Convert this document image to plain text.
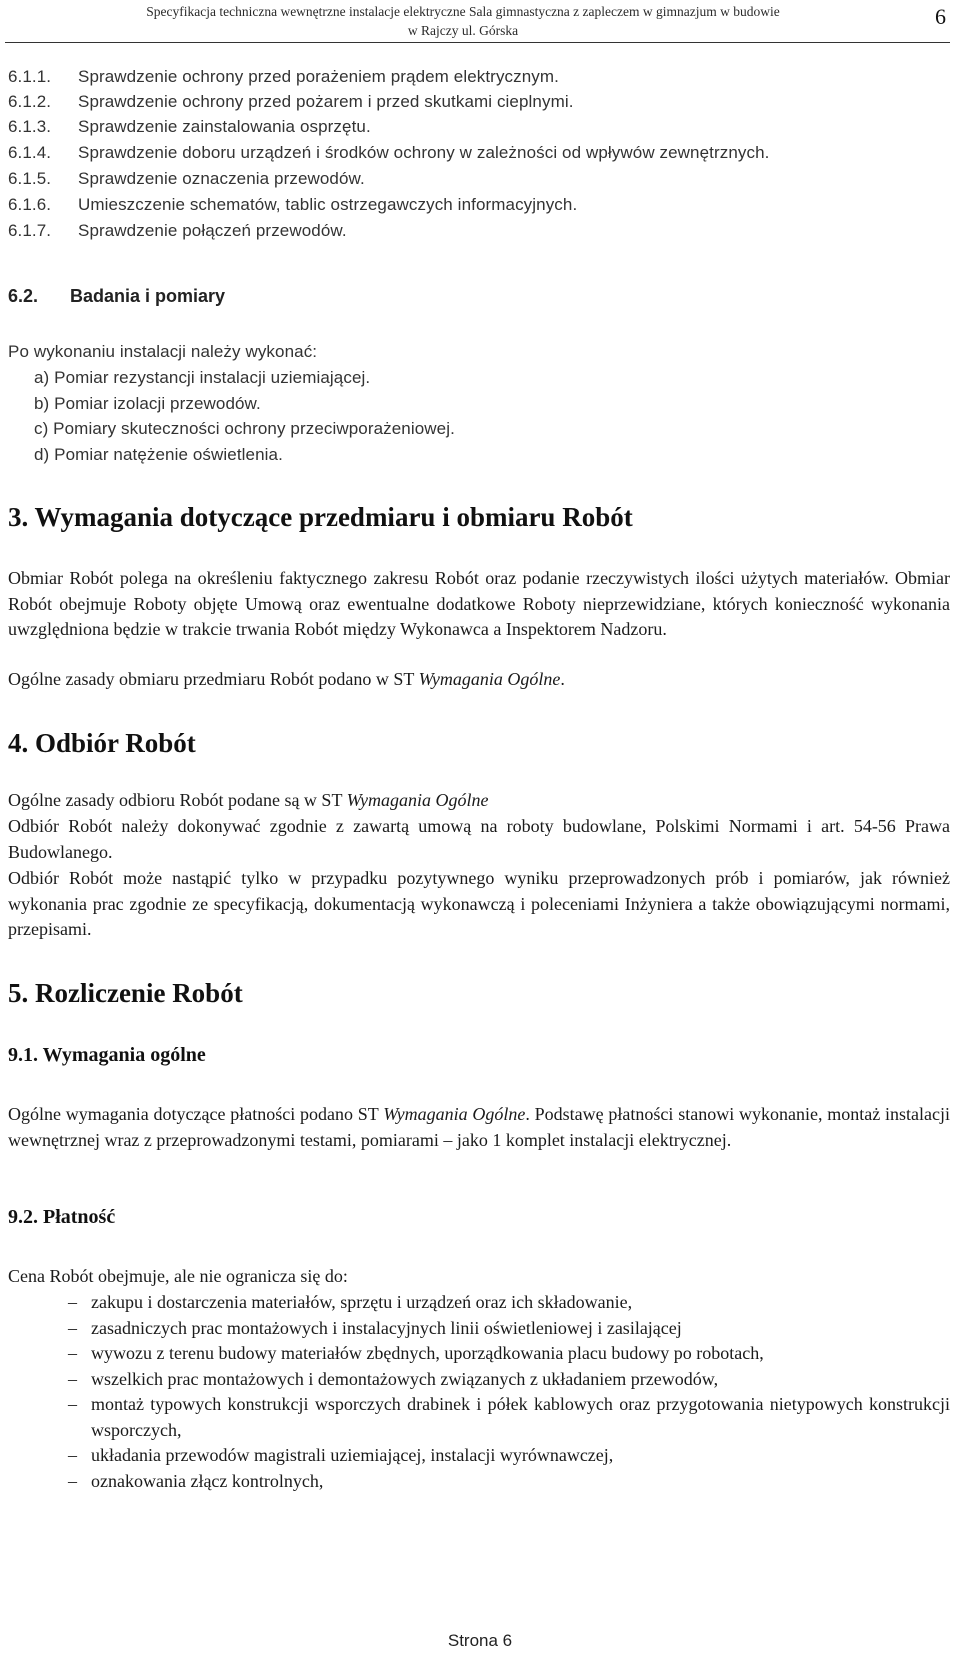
Specyfikacja techniczna wewnętrzne instalacje elektryczne Sala gimnastyczna z zapleczem w gimnazjum w budowie
w Rajczy ul. Górska
6
6.1.1. Sprawdzenie ochrony przed porażeniem prądem elektrycznym.
6.1.2. Sprawdzenie ochrony przed pożarem i przed skutkami cieplnymi.
6.1.3. Sprawdzenie zainstalowania osprzętu.
6.1.4. Sprawdzenie doboru urządzeń i środków ochrony w zależności od wpływów zewnętrznych.
6.1.5. Sprawdzenie oznaczenia przewodów.
6.1.6. Umieszczenie schematów, tablic ostrzegawczych informacyjnych.
6.1.7. Sprawdzenie połączeń przewodów.
6.2. Badania i pomiary
Po wykonaniu instalacji należy wykonać:
a) Pomiar rezystancji instalacji uziemiającej.
b) Pomiar izolacji przewodów.
c) Pomiary skuteczności ochrony przeciwporażeniowej.
d) Pomiar natężenie oświetlenia.
3. Wymagania dotyczące przedmiaru i obmiaru Robót
Obmiar Robót polega na określeniu faktycznego zakresu Robót oraz podanie rzeczywistych ilości użytych materiałów. Obmiar Robót obejmuje Roboty objęte Umową oraz ewentualne dodatkowe Roboty nieprzewidziane, których konieczność wykonania uwzględniona będzie w trakcie trwania Robót między Wykonawca a Inspektorem Nadzoru.
Ogólne zasady obmiaru przedmiaru Robót podano w ST Wymagania Ogólne.
4. Odbiór Robót
Ogólne zasady odbioru Robót podane są w ST Wymagania Ogólne
Odbiór Robót należy dokonywać zgodnie z zawartą umową na roboty budowlane, Polskimi Normami i art. 54-56 Prawa Budowlanego.
Odbiór Robót może nastąpić tylko w przypadku pozytywnego wyniku przeprowadzonych prób i pomiarów, jak również wykonania prac zgodnie ze specyfikacją, dokumentacją wykonawczą i poleceniami Inżyniera a także obowiązującymi normami, przepisami.
5. Rozliczenie Robót
9.1. Wymagania ogólne
Ogólne wymagania dotyczące płatności podano ST Wymagania Ogólne. Podstawę płatności stanowi wykonanie, montaż instalacji wewnętrznej wraz z przeprowadzonymi testami, pomiarami – jako 1 komplet instalacji elektrycznej.
9.2. Płatność
Cena Robót obejmuje, ale nie ogranicza się do:
– zakupu i dostarczenia materiałów, sprzętu i urządzeń oraz ich składowanie,
– zasadniczych prac montażowych i instalacyjnych linii oświetleniowej i zasilającej
– wywozu z terenu budowy materiałów zbędnych, uporządkowania placu budowy po robotach,
– wszelkich prac montażowych i demontażowych związanych z układaniem przewodów,
– montaż typowych konstrukcji wsporczych drabinek i półek kablowych oraz przygotowania nietypowych konstrukcji wsporczych,
– układania przewodów magistrali uziemiającej, instalacji wyrównawczej,
– oznakowania złącz kontrolnych,
Strona 6
